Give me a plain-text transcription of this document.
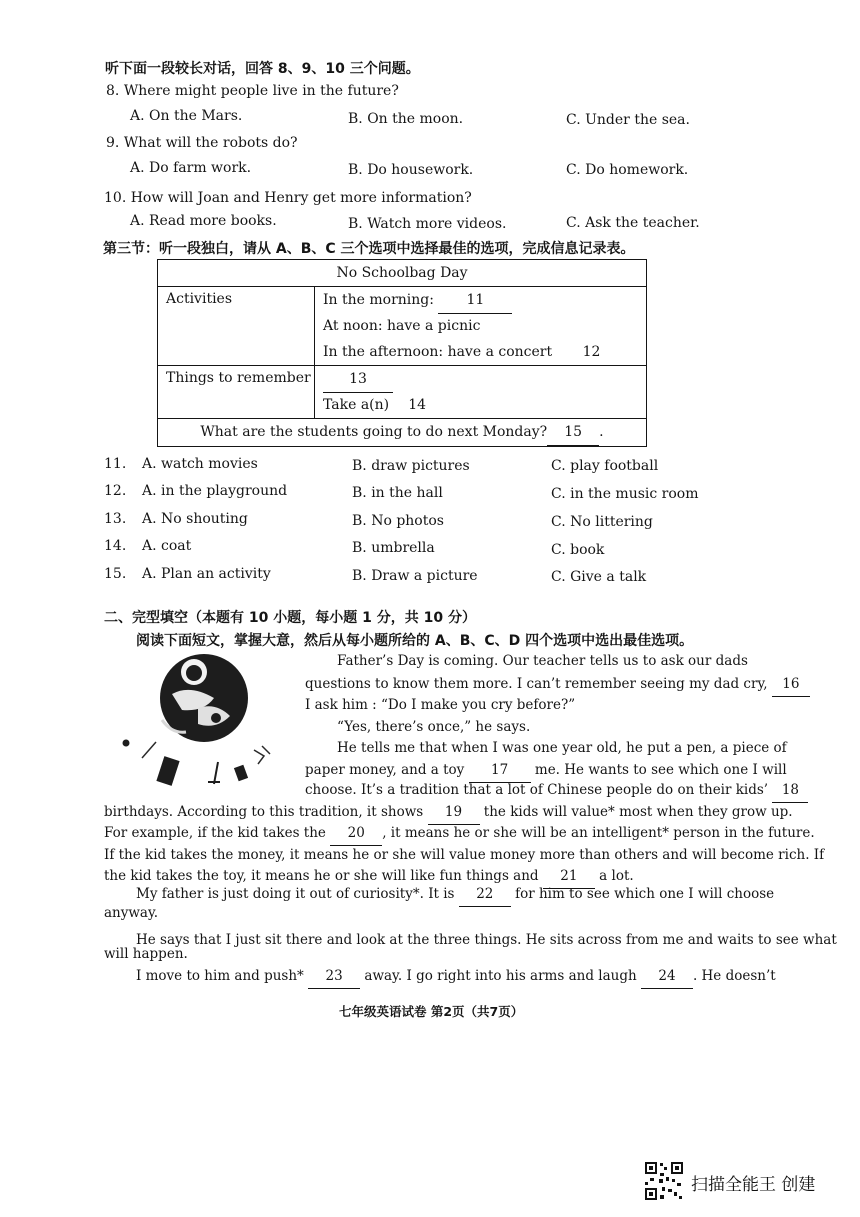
听下面一段较长对话，回答 8、9、10 三个问题。
8. Where might people live in the future?
A. On the Mars.	B. On the moon.	C. Under the sea.
9. What will the robots do?
A. Do farm work.	B. Do housework.	C. Do homework.
10. How will Joan and Henry get more information?
A. Read more books.	B. Watch more videos.	C. Ask the teacher.
第三节：听一段独白，请从 A、B、C 三个选项中选择最佳的选项，完成信息记录表。
No Schoolbag Day	
Activities	In the morning: 11
At noon: have a picnic
In the afternoon: have a concert 12

Things to remember	13
Take a(n) 14

What are the students going to do next Monday? 15 .	
11. A. watch movies	B. draw pictures	C. play football
12. A. in the playground	B. in the hall	C. in the music room
13. A. No shouting	B. No photos	C. No littering
14. A. coat	B. umbrella	C. book
15. A. Plan an activity	B. Draw a picture	C. Give a talk
二、完型填空（本题有 10 小题，每小题 1 分，共 10 分）
阅读下面短文，掌握大意，然后从每小题所给的 A、B、C、D 四个选项中选出最佳选项。
Father’s Day is coming. Our teacher tells us to ask our dads
questions to know them more. I can’t remember seeing my dad cry, 16
I ask him : “Do I make you cry before?”
“Yes, there’s once,” he says.
He tells me that when I was one year old, he put a pen, a piece of
paper money, and a toy 17 me. He wants to see which one I will
choose. It’s a tradition that a lot of Chinese people do on their kids’ 18
birthdays. According to this tradition, it shows 19 the kids will value* most when they grow up.
For example, if the kid takes the 20 , it means he or she will be an intelligent* person in the future.
If the kid takes the money, it means he or she will value money more than others and will become rich. If
the kid takes the toy, it means he or she will like fun things and 21 a lot.
My father is just doing it out of curiosity*. It is 22 for him to see which one I will choose
anyway.
He says that I just sit there and look at the three things. He sits across from me and waits to see what
will happen.
I move to him and push* 23 away. I go right into his arms and laugh 24 . He doesn’t
七年级英语试卷 第2页（共7页）
扫描全能王 创建
